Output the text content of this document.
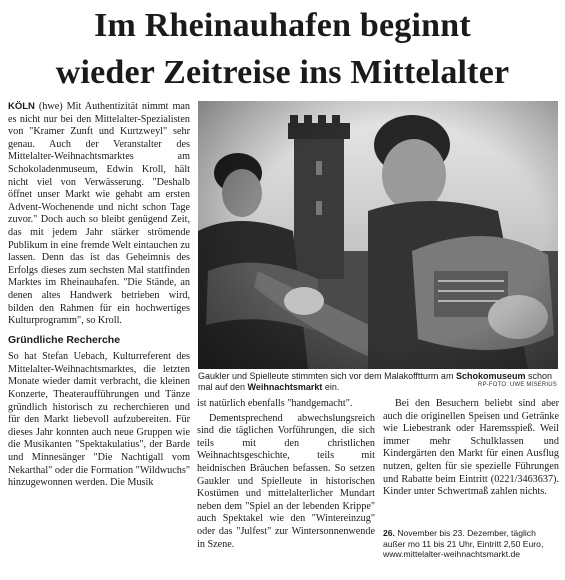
Im Rheinauhafen beginnt
wieder Zeitreise ins Mittelalter

KÖLN (hwe) Mit Authentizität nimmt man es nicht nur bei den Mittelalter-Spezialisten von "Kramer Zunft und Kurtzweyl" sehr genau. Auch der Veranstalter des Mittelalter-Weihnachtsmarktes am Schokoladenmuseum, Edwin Kroll, hält nicht viel von Verwässerung. "Deshalb öffnet unser Markt wie gehabt am ersten Advent-Wochenende und nicht schon Tage zuvor." Doch auch so bleibt genügend Zeit, das mit jedem Jahr stärker strömende Publikum in eine fremde Welt eintauchen zu lassen. Denn das ist das Geheimnis des Erfolgs dieses zum sechsten Mal stattfinden Marktes im Rheinauhafen. "Die Stände, an denen altes Handwerk betrieben wird, bilden den Rahmen für ein hochwertiges Kulturprogramm", so Kroll.

Gründliche Recherche

So hat Stefan Uebach, Kulturreferent des Mittelalter-Weihnachtsmarktes, die letzten Monate wieder damit verbracht, die kleinen Konzerte, Theateraufführungen und Tänze gründlich historisch zu recherchieren und für den Markt liebevoll aufzubereiten. Für dieses Jahr konnten auch neue Gruppen wie die Musikanten "Spektakulatius", der Barde und Minnesänger "Die Nachtigall vom Nekarthal" oder die Formation "Wildwuchs" hinzugewonnen werden. Die Musik

Gaukler und Spielleute stimmten sich vor dem Malakofftturm am Schokomuseum schon mal auf den Weihnachtsmarkt ein.	RP-FOTO: UWE MISERIUS

ist natürlich ebenfalls "handgemacht".

Dementsprechend abwechslungsreich sind die täglichen Vorführungen, die sich teils mit den christlichen Weihnachtsgeschichte, teils mit heidnischen Bräuchen befassen. So setzen Gaukler und Spielleute in historischen Kostümen und mittelalterlicher Mundart neben dem "Spiel an der lebenden Krippe" auch Spektakel wie den "Wintereinzug" oder das "Julfest" zur Wintersonnenwende in Szene.

Bei den Besuchern beliebt sind aber auch die originellen Speisen und Getränke wie Liebestrank oder Haremsspieß. Weil immer mehr Schulklassen und Kindergärten den Markt für einen Ausflug nutzen, gelten für sie spezielle Führungen und Rabatte beim Eintritt (0221/3463637). Kinder unter Schwertmaß zahlen nichts.

26. November bis 23. Dezember, täglich außer mo 11 bis 21 Uhr, Eintritt 2,50 Euro, www.mittelalter-weihnachtsmarkt.de
